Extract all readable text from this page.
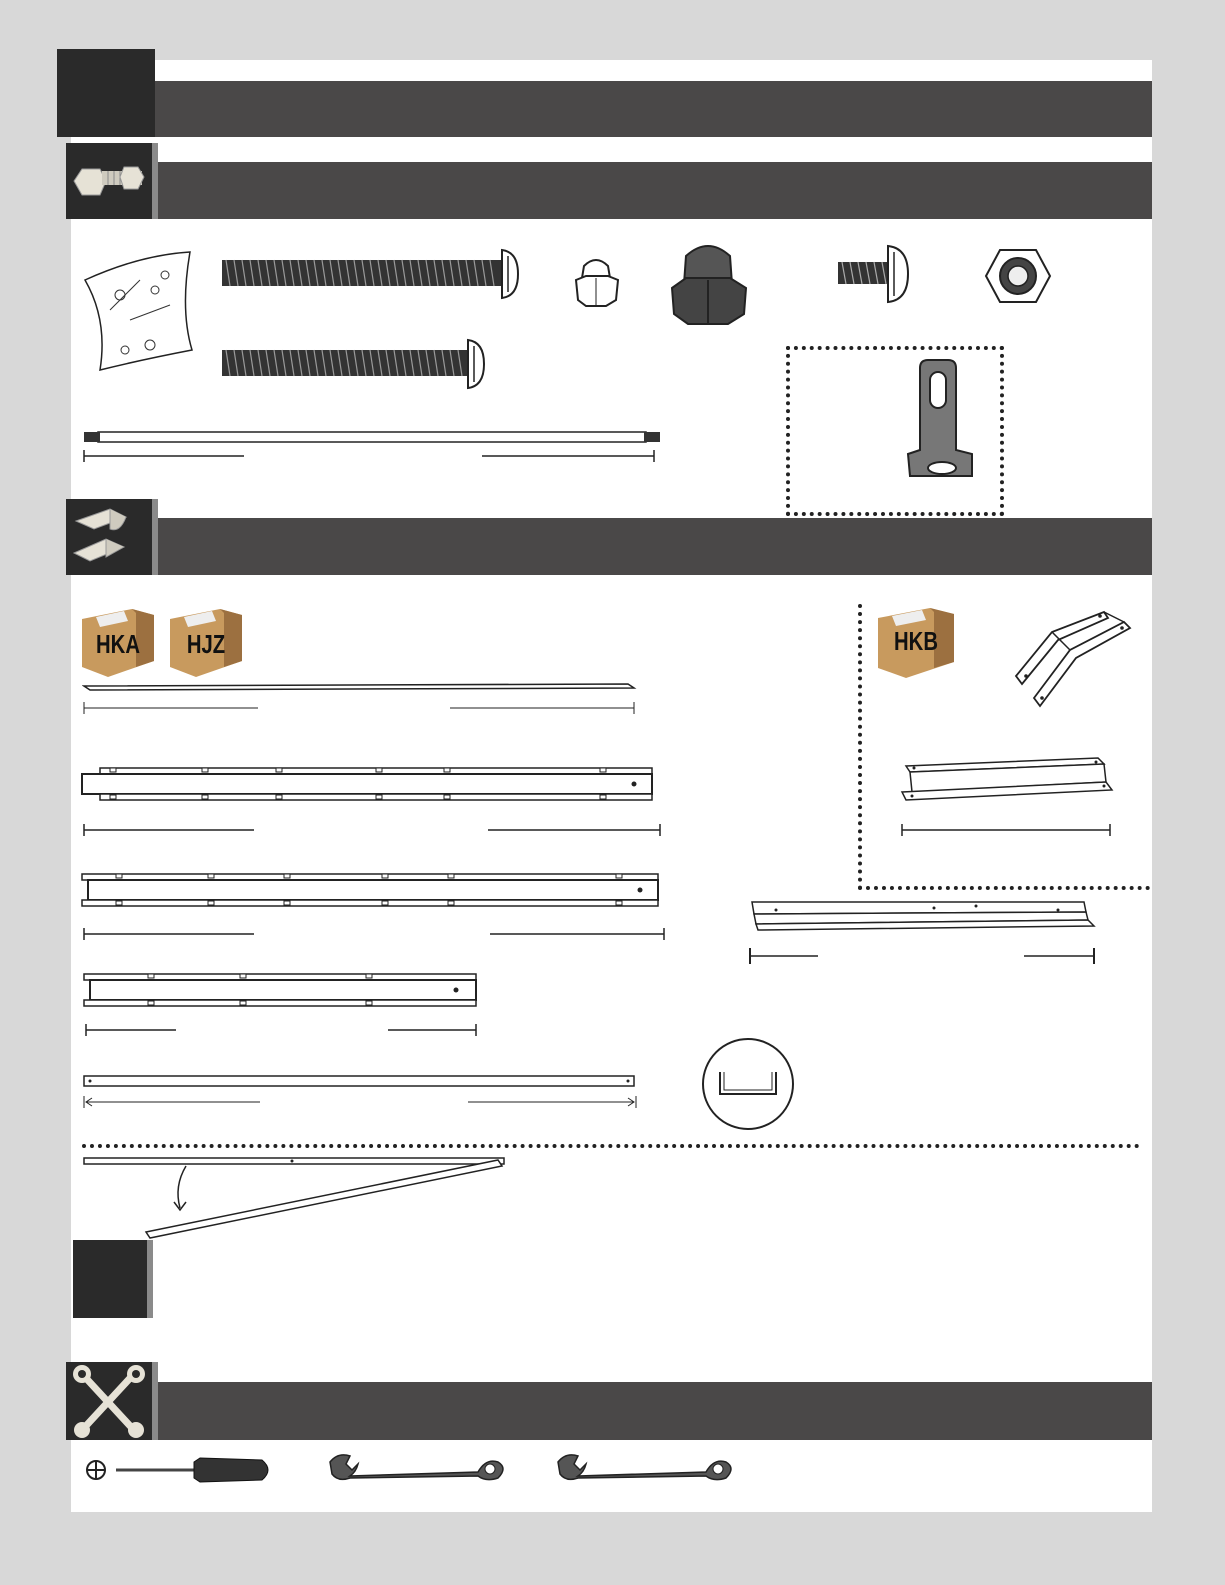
HKA	HJZ	HKB
